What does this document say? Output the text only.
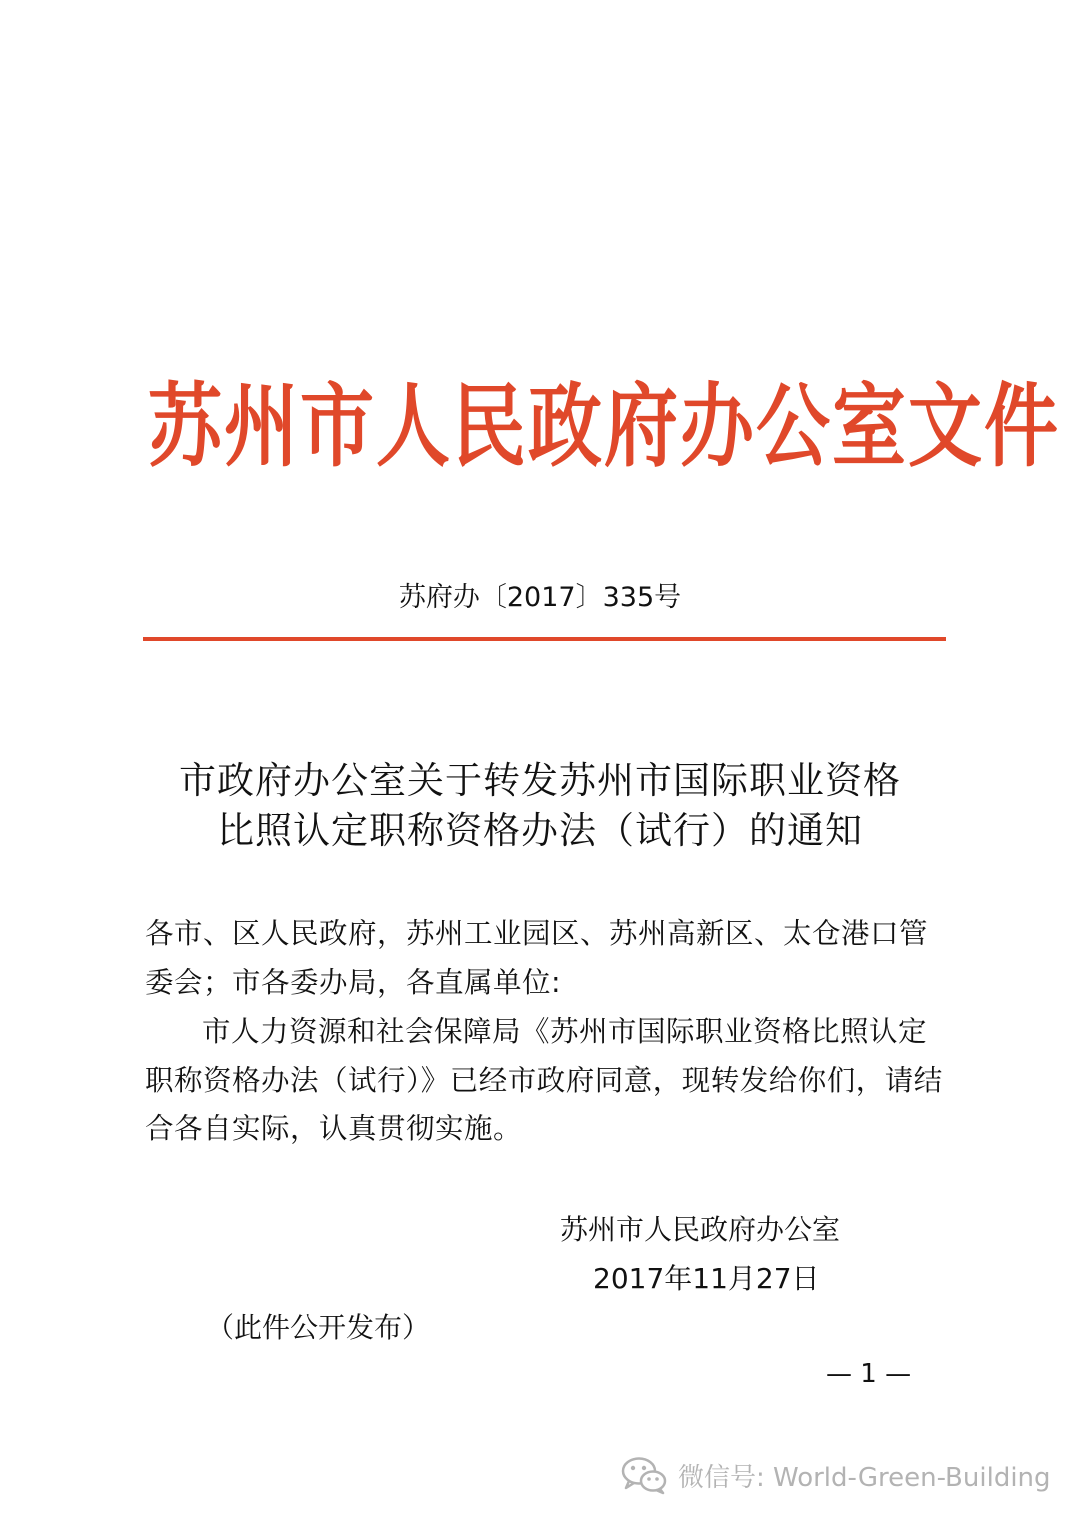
苏州市人民政府办公室文件
苏府办〔2017〕335号
市政府办公室关于转发苏州市国际职业资格
比照认定职称资格办法（试行）的通知
各市、区人民政府，苏州工业园区、苏州高新区、太仓港口管委会；市各委办局，各直属单位:
市人力资源和社会保障局《苏州市国际职业资格比照认定职称资格办法（试行）》已经市政府同意，现转发给你们，请结合各自实际，认真贯彻实施。
苏州市人民政府办公室
2017年11月27日
（此件公开发布）
— 1 —
微信号: World-Green-Building
